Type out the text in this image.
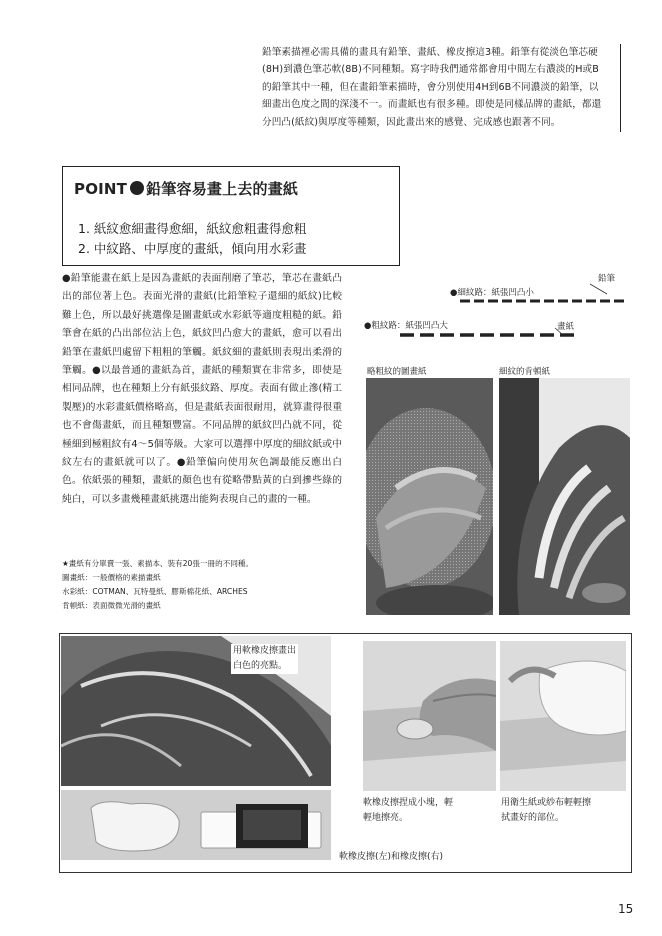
鉛筆素描裡必需具備的畫具有鉛筆、畫紙、橡皮擦這3種。鉛筆有從淡色筆芯硬(8H)到濃色筆芯軟(8B)不同種類。寫字時我們通常都會用中間左右濃淡的H或B的鉛筆其中一種，但在畫鉛筆素描時，會分別使用4H到6B不同濃淡的鉛筆，以細畫出色度之間的深淺不一。而畫紙也有很多種。即使是同樣品牌的畫紙，都還分凹凸(紙紋)與厚度等種類，因此畫出來的感覺、完成感也跟著不同。
POINT 鉛筆容易畫上去的畫紙
1. 紙紋愈細畫得愈細，紙紋愈粗畫得愈粗
2. 中紋路、中厚度的畫紙，傾向用水彩畫
●鉛筆能畫在紙上是因為畫紙的表面削磨了筆芯，筆芯在畫紙凸出的部位著上色。表面光滑的畫紙(比鉛筆粒子還細的紙紋)比較難上色，所以最好挑選像是圖畫紙或水彩紙等適度粗糙的紙。鉛筆會在紙的凸出部位沾上色，紙紋凹凸愈大的畫紙，愈可以看出鉛筆在畫紙凹處留下粗粗的筆觸。紙紋細的畫紙則表現出柔滑的筆觸。●以最普通的畫紙為首，畫紙的種類實在非常多，即使是相同品牌，也在種類上分有紙張紋路、厚度。表面有做止滲(精工製壓)的水彩畫紙價格略高，但是畫紙表面很耐用，就算畫得很重也不會傷畫紙，而且種類豐富。不同品牌的紙紋凹凸就不同，從極細到極粗紋有4～5個等級。大家可以選擇中厚度的細紋紙或中紋左右的畫紙就可以了。●鉛筆偏向使用灰色調最能反應出白色。依紙張的種類，畫紙的顏色也有從略帶點黃的白到摻些綠的純白，可以多畫幾種畫紙挑選出能夠表現自己的畫的一種。
★畫紙有分單賣一張、素描本、裝有20張一冊的不同種。
圖畫紙：一般價格的素描畫紙
水彩紙：COTMAN、瓦特曼紙、膠斯棉花紙、ARCHES
肯頓紙：表面微微光滑的畫紙
鉛筆
●細紋路：紙張凹凸小
●粗紋路：紙張凹凸大	畫紙
略粗紋的圖畫紙	細紋的肯頓紙
用軟橡皮擦畫出
白色的亮點。
軟橡皮擦捏成小塊，輕
輕地擦亮。
用衛生紙或紗布輕輕擦
拭畫好的部位。
軟橡皮擦(左)和橡皮擦(右)
15
